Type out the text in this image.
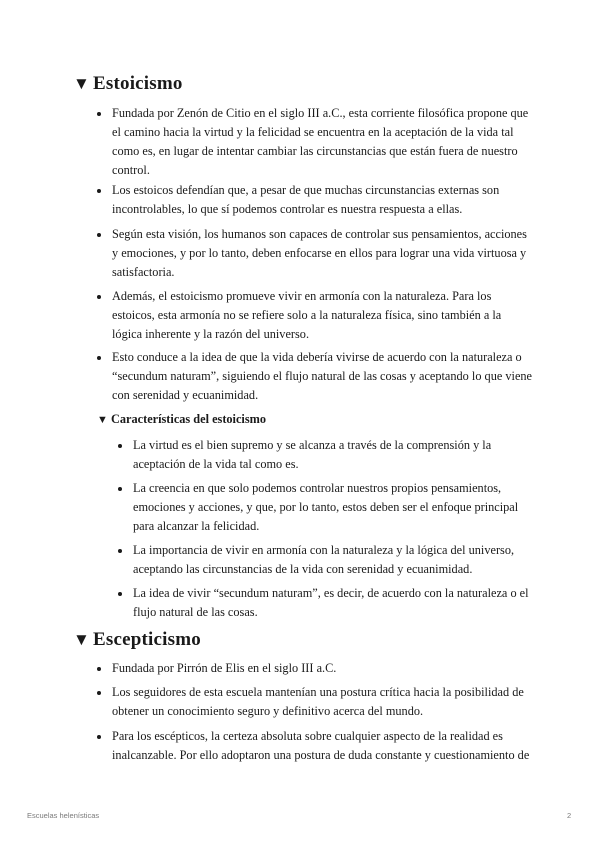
▼ Estoicismo
Fundada por Zenón de Citio en el siglo III a.C., esta corriente filosófica propone que el camino hacia la virtud y la felicidad se encuentra en la aceptación de la vida tal como es, en lugar de intentar cambiar las circunstancias que están fuera de nuestro control.
Los estoicos defendían que, a pesar de que muchas circunstancias externas son incontrolables, lo que sí podemos controlar es nuestra respuesta a ellas.
Según esta visión, los humanos son capaces de controlar sus pensamientos, acciones y emociones, y por lo tanto, deben enfocarse en ellos para lograr una vida virtuosa y satisfactoria.
Además, el estoicismo promueve vivir en armonía con la naturaleza. Para los estoicos, esta armonía no se refiere solo a la naturaleza física, sino también a la lógica inherente y la razón del universo.
Esto conduce a la idea de que la vida debería vivirse de acuerdo con la naturaleza o “secundum naturam”, siguiendo el flujo natural de las cosas y aceptando lo que viene con serenidad y ecuanimidad.
▼ Características del estoicismo
La virtud es el bien supremo y se alcanza a través de la comprensión y la aceptación de la vida tal como es.
La creencia en que solo podemos controlar nuestros propios pensamientos, emociones y acciones, y que, por lo tanto, estos deben ser el enfoque principal para alcanzar la felicidad.
La importancia de vivir en armonía con la naturaleza y la lógica del universo, aceptando las circunstancias de la vida con serenidad y ecuanimidad.
La idea de vivir “secundum naturam”, es decir, de acuerdo con la naturaleza o el flujo natural de las cosas.
▼ Escepticismo
Fundada por Pirrón de Elis en el siglo III a.C.
Los seguidores de esta escuela mantenían una postura crítica hacia la posibilidad de obtener un conocimiento seguro y definitivo acerca del mundo.
Para los escépticos, la certeza absoluta sobre cualquier aspecto de la realidad es inalcanzable. Por ello adoptaron una postura de duda constante y cuestionamiento de
Escuelas helenísticas	2
